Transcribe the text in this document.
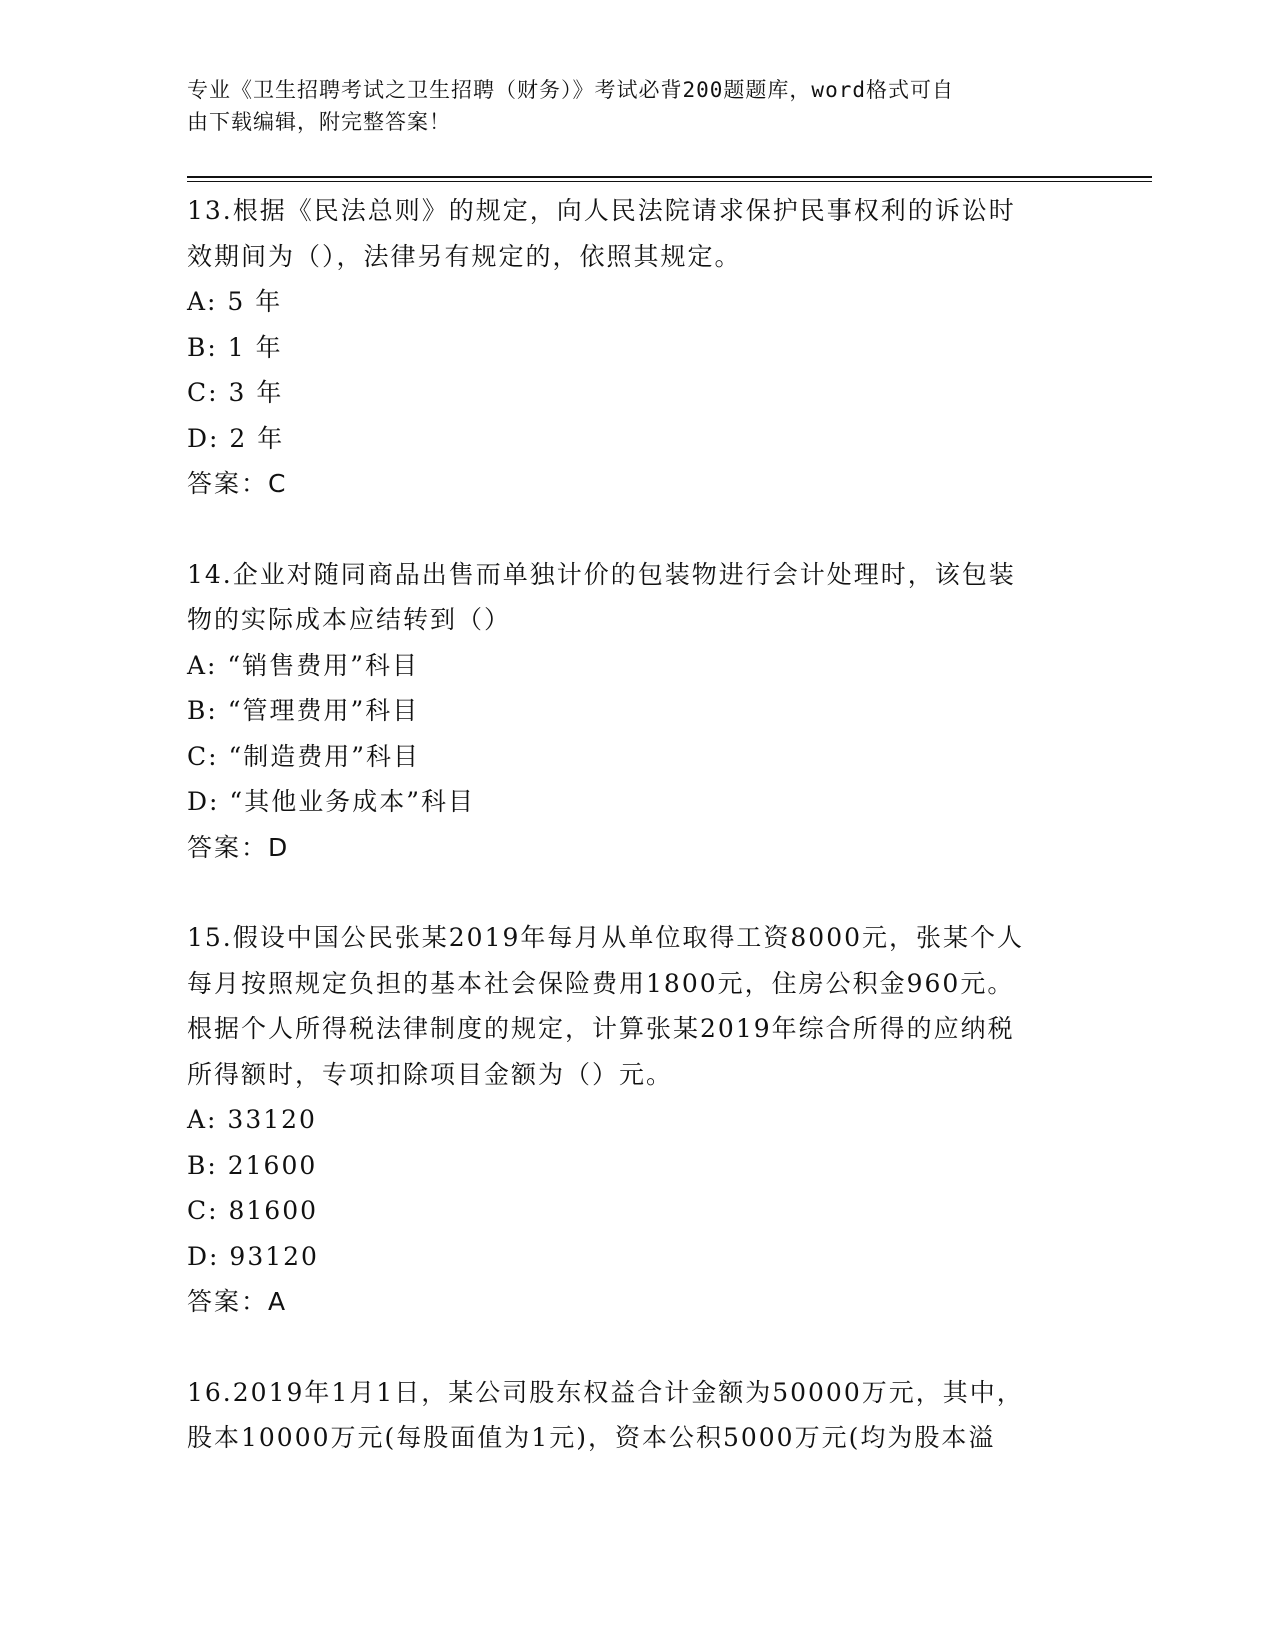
专业《卫生招聘考试之卫生招聘（财务）》考试必背200题题库，word格式可自
由下载编辑，附完整答案！
13.根据《民法总则》的规定，向人民法院请求保护民事权利的诉讼时
效期间为（），法律另有规定的，依照其规定。
A: 5 年
B: 1 年
C: 3 年
D: 2 年
答案：C
14.企业对随同商品出售而单独计价的包装物进行会计处理时，该包装
物的实际成本应结转到（）
A: “销售费用”科目
B: “管理费用”科目
C: “制造费用”科目
D: “其他业务成本”科目
答案：D
15.假设中国公民张某2019年每月从单位取得工资8000元，张某个人
每月按照规定负担的基本社会保险费用1800元，住房公积金960元。
根据个人所得税法律制度的规定，计算张某2019年综合所得的应纳税
所得额时，专项扣除项目金额为（）元。
A: 33120
B: 21600
C: 81600
D: 93120
答案：A
16.2019年1月1日，某公司股东权益合计金额为50000万元，其中，
股本10000万元(每股面值为1元)，资本公积5000万元(均为股本溢
